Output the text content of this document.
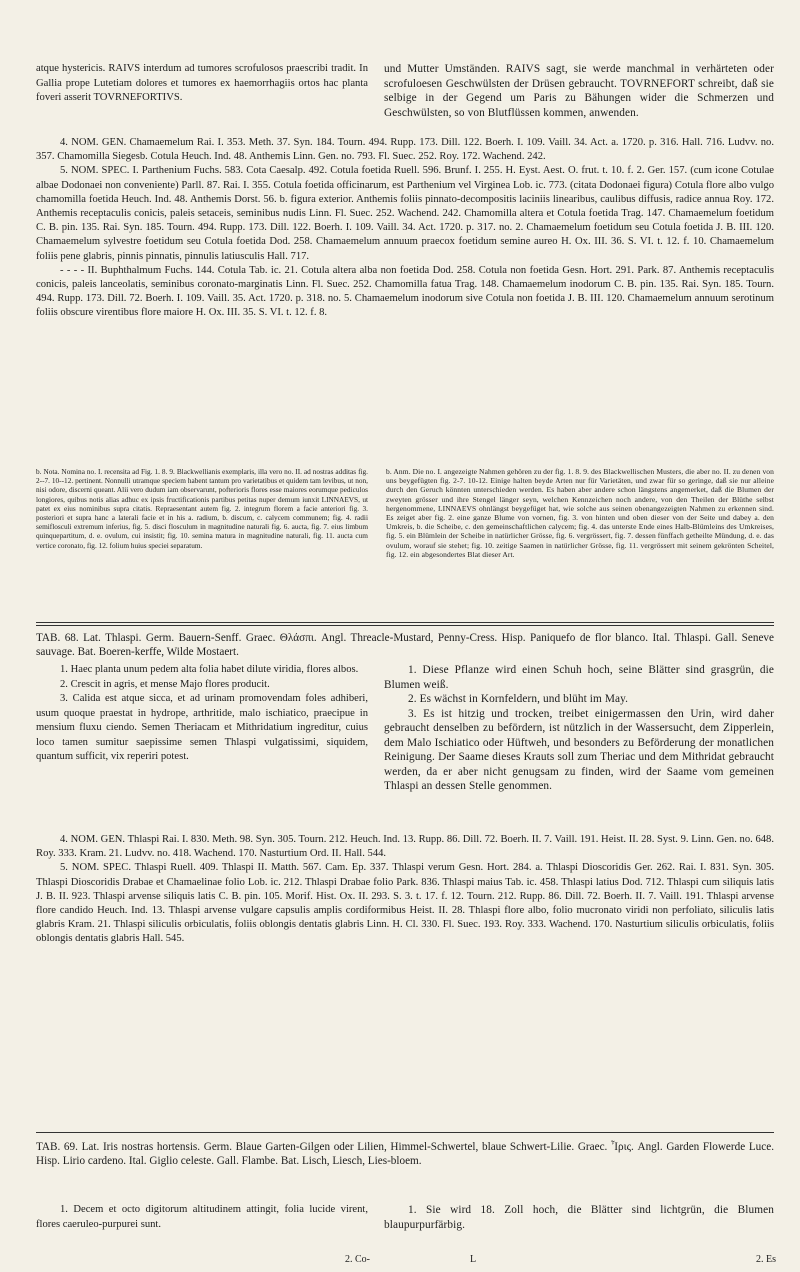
atque hystericis. RAIVS interdum ad tumores scrofulosos praescribi tradit. In Gallia prope Lutetiam dolores et tumores ex haemorrhagiis ortos hac planta foveri asserit TOVRNEFORTIVS.

und Mutter Umständen. RAIVS sagt, sie werde manchmal in verhärteten oder scrofuloesen Geschwülsten der Drüsen gebraucht. TOVRNEFORT schreibt, daß sie selbige in der Gegend um Paris zu Bähungen wider die Schmerzen und Geschwülsten, so von Blutflüssen kommen, anwenden.

4. NOM. GEN. Chamaemelum Rai. I. 353. Meth. 37. Syn. 184. Tourn. 494. Rupp. 173. Dill. 122. Boerh. I. 109. Vaill. 34. Act. a. 1720. p. 316. Hall. 716. Ludvv. no. 357. Chamomilla Siegesb. Cotula Heuch. Ind. 48. Anthemis Linn. Gen. no. 793. Fl. Suec. 252. Roy. 172. Wachend. 242.

5. NOM. SPEC. I. Parthenium Fuchs. 583. Cota Caesalp. 492. Cotula foetida Ruell. 596. Brunf. I. 255. H. Eyst. Aest. O. frut. t. 10. f. 2. Ger. 157. (cum icone Cotulae albae Dodonaei non conveniente) Parll. 87. Rai. I. 355. Cotula foetida officinarum, est Parthenium vel Virginea Lob. ic. 773. (citata Dodonaei figura) Cotula flore albo vulgo chamomilla foetida Heuch. Ind. 48. Anthemis Dorst. 56. b. figura exterior. Anthemis foliis pinnato-decompositis laciniis linearibus, caulibus diffusis, radice annua Roy. 172. Anthemis receptaculis conicis, paleis setaceis, seminibus nudis Linn. Fl. Suec. 252. Wachend. 242. Chamomilla altera et Cotula foetida Trag. 147. Chamaemelum foetidum C. B. pin. 135. Rai. Syn. 185. Tourn. 494. Rupp. 173. Dill. 122. Boerh. I. 109. Vaill. 34. Act. 1720. p. 317. no. 2. Chamaemelum foetidum seu Cotula foetida J. B. III. 120. Chamaemelum sylvestre foetidum seu Cotula foetida Dod. 258. Chamaemelum annuum praecox foetidum semine aureo H. Ox. III. 36. S. VI. t. 12. f. 10. Chamaemelum foliis pene glabris, pinnis pinnatis, pinnulis latiusculis Hall. 717.

- - - - II. Buphthalmum Fuchs. 144. Cotula Tab. ic. 21. Cotula altera alba non foetida Dod. 258. Cotula non foetida Gesn. Hort. 291. Park. 87. Anthemis receptaculis conicis, paleis lanceolatis, seminibus coronato-marginatis Linn. Fl. Suec. 252. Chamomilla fatua Trag. 148. Chamaemelum inodorum C. B. pin. 135. Rai. Syn. 185. Tourn. 494. Rupp. 173. Dill. 72. Boerh. I. 109. Vaill. 35. Act. 1720. p. 318. no. 5. Chamaemelum inodorum sive Cotula non foetida J. B. III. 120. Chamaemelum annuum serotinum foliis obscure virentibus flore maiore H. Ox. III. 35. S. VI. t. 12. f. 8.

b. Nota. Nomina no. I. recensita ad Fig. 1. 8. 9. Blackwellianis exemplaris, illa vero no. II. ad nostras additas fig. 2--7. 10--12. pertinent. Nonnulli utramque speciem habent tantum pro varietatibus et quidem tam levibus, ut non, nisi odore, discerni queant. Alii vero dudum iam observarunt, pofterioris flores esse maiores eorumque pediculos longiores, quibus notis alias adhuc ex ipsis fructificationis partibus petitas nuper demum iunxit LINNAEVS, ut patet ex eius nominibus supra citatis. Repraesentant autem fig. 2. integrum florem a facie anteriori fig. 3. posteriori et supra hanc a laterali facie et in his a. radium, b. discum, c. calycem communem; fig. 4. radii semiflosculi extremum inferius, fig. 5. disci flosculum in magnitudine naturali fig. 6. aucta, fig. 7. eius limbum quinquepartitum, d. e. ovulum, cui insistit; fig. 10. semina matura in magnitudine naturali, fig. 11. aucta cum vertice coronato, fig. 12. folium huius speciei separatum.

b. Anm. Die no. I. angezeigte Nahmen gehören zu der fig. 1. 8. 9. des Blackwellischen Musters, die aber no. II. zu denen von uns beygefügten fig. 2-7. 10-12. Einige halten beyde Arten nur für Varietäten, und zwar für so geringe, daß sie nur alleine durch den Geruch könnten unterschieden werden. Es haben aber andere schon längstens angemerket, daß die Blumen der zweyten grösser und ihre Stengel länger seyn, welchen Kennzeichen noch andere, von den Theilen der Blüthe selbst hergenommene, LINNAEVS ohnlängst beygefüget hat, wie solche aus seinen obenangezeigten Nahmen zu erkennen sind. Es zeiget aber fig. 2. eine ganze Blume von vornen, fig. 3. von hinten und oben dieser von der Seite und dabey a. den Umkreis, b. die Scheibe, c. den gemeinschaftlichen calycem; fig. 4. das unterste Ende eines Halb-Blümleins des Umkreises, fig. 5. ein Blümlein der Scheibe in natürlicher Grösse, fig. 6. vergrössert, fig. 7. dessen fünffach getheilte Mündung, d. e. das ovulum, worauf sie stehet; fig. 10. zeitige Saamen in natürlicher Grösse, fig. 11. vergrössert mit seinem gekrönten Scheitel, fig. 12. ein abgesondertes Blat dieser Art.

TAB. 68. Lat. Thlaspi. Germ. Bauern-Senff. Graec. Θλάσπι. Angl. Threacle-Mustard, Penny-Cress. Hisp. Paniquefo de flor blanco. Ital. Thlaspi. Gall. Seneve sauvage. Bat. Boeren-kerffe, Wilde Mostaert.

1. Haec planta unum pedem alta folia habet dilute viridia, flores albos.

2. Crescit in agris, et mense Majo flores producit.

3. Calida est atque sicca, et ad urinam promovendam foles adhiberi, usum quoque praestat in hydrope, arthritide, malo ischiatico, praecipue in mensium fluxu ciendo. Semen Theriacam et Mithridatium ingreditur, cuius loco tamen sumitur saepissime semen Thlaspi vulgatissimi, siquidem, quantum sufficit, vix reperiri potest.

1. Diese Pflanze wird einen Schuh hoch, seine Blätter sind grasgrün, die Blumen weiß.

2. Es wächst in Kornfeldern, und blüht im May.

3. Es ist hitzig und trocken, treibet einigermassen den Urin, wird daher gebraucht denselben zu befördern, ist nützlich in der Wassersucht, dem Zipperlein, dem Malo Ischiatico oder Hüftweh, und besonders zu Beförderung der monatlichen Reinigung. Der Saame dieses Krauts soll zum Theriac und dem Mithridat gebraucht werden, da er aber nicht genugsam zu finden, wird der Saame vom gemeinen Thlaspi an dessen Stelle genommen.

4. NOM. GEN. Thlaspi Rai. I. 830. Meth. 98. Syn. 305. Tourn. 212. Heuch. Ind. 13. Rupp. 86. Dill. 72. Boerh. II. 7. Vaill. 191. Heist. II. 28. Syst. 9. Linn. Gen. no. 648. Roy. 333. Kram. 21. Ludvv. no. 418. Wachend. 170. Nasturtium Ord. II. Hall. 544.

5. NOM. SPEC. Thlaspi Ruell. 409. Thlaspi II. Matth. 567. Cam. Ep. 337. Thlaspi verum Gesn. Hort. 284. a. Thlaspi Dioscoridis Ger. 262. Rai. I. 831. Syn. 305. Thlaspi Dioscoridis Drabae et Chamaelinae folio Lob. ic. 212. Thlaspi Drabae folio Park. 836. Thlaspi maius Tab. ic. 458. Thlaspi latius Dod. 712. Thlaspi cum siliquis latis J. B. II. 923. Thlaspi arvense siliquis latis C. B. pin. 105. Morif. Hist. Ox. II. 293. S. 3. t. 17. f. 12. Tourn. 212. Rupp. 86. Dill. 72. Boerh. II. 7. Vaill. 191. Thlaspi arvense flore candido Heuch. Ind. 13. Thlaspi arvense vulgare capsulis amplis cordiformibus Heist. II. 28. Thlaspi flore albo, folio mucronato viridi non perfoliato, siliculis latis glabris Kram. 21. Thlaspi siliculis orbiculatis, foliis oblongis dentatis glabris Linn. H. Cl. 330. Fl. Suec. 193. Roy. 333. Wachend. 170. Nasturtium siliculis orbiculatis, foliis oblongis dentatis glabris Hall. 545.

TAB. 69. Lat. Iris nostras hortensis. Germ. Blaue Garten-Gilgen oder Lilien, Himmel-Schwertel, blaue Schwert-Lilie. Graec. Ἶρις. Angl. Garden Flowerde Luce. Hisp. Lirio cardeno. Ital. Giglio celeste. Gall. Flambe. Bat. Lisch, Liesch, Lies-bloem.

1. Decem et octo digitorum altitudinem attingit, folia lucide virent, flores caeruleo-purpurei sunt.

1. Sie wird 18. Zoll hoch, die Blätter sind lichtgrün, die Blumen blaupurpurfärbig.

2. Co-	L	2. Es
